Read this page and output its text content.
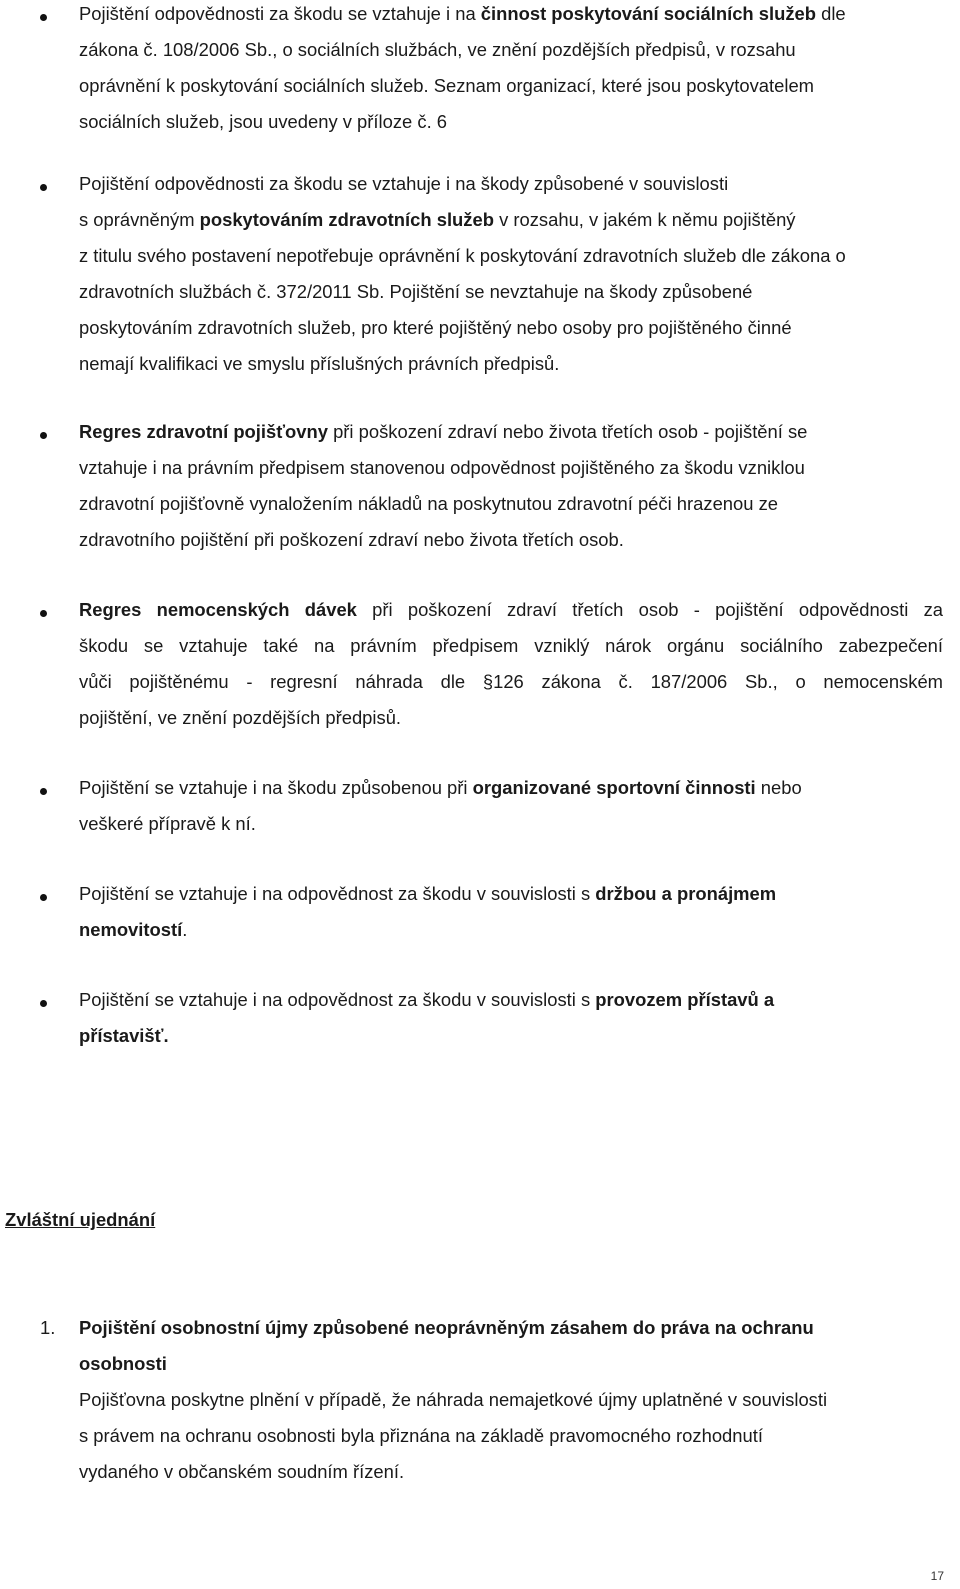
Pojištění odpovědnosti za škodu se vztahuje i na činnost poskytování sociálních služeb dle
zákona č. 108/2006 Sb., o sociálních službách, ve znění pozdějších předpisů, v rozsahu
oprávnění k poskytování sociálních služeb. Seznam organizací, které jsou poskytovatelem
sociálních služeb, jsou uvedeny v příloze č. 6
Pojištění odpovědnosti za škodu se vztahuje i na škody způsobené v souvislosti
s oprávněným poskytováním zdravotních služeb v rozsahu, v jakém k němu pojištěný
z titulu svého postavení nepotřebuje oprávnění k poskytování zdravotních služeb dle zákona o
zdravotních službách č. 372/2011 Sb. Pojištění se nevztahuje na škody způsobené
poskytováním zdravotních služeb, pro které pojištěný nebo osoby pro pojištěného činné
nemají kvalifikaci ve smyslu příslušných právních předpisů.
Regres zdravotní pojišťovny při poškození zdraví nebo života třetích osob - pojištění se
vztahuje i na právním předpisem stanovenou odpovědnost pojištěného za škodu vzniklou
zdravotní pojišťovně vynaložením nákladů na poskytnutou zdravotní péči hrazenou ze
zdravotního pojištění při poškození zdraví nebo života třetích osob.
Regres nemocenských dávek při poškození zdraví třetích osob - pojištění odpovědnosti za
škodu se vztahuje také na právním předpisem vzniklý nárok orgánu sociálního zabezpečení
vůči pojištěnému - regresní náhrada dle §126 zákona č. 187/2006 Sb., o nemocenském
pojištění, ve znění pozdějších předpisů.
Pojištění se vztahuje i na škodu způsobenou při organizované sportovní činnosti nebo
veškeré přípravě k ní.
Pojištění se vztahuje i na odpovědnost za škodu v souvislosti s držbou a pronájmem
nemovitostí.
Pojištění se vztahuje i na odpovědnost za škodu v souvislosti s provozem přístavů a
přístavišť.
Zvláštní ujednání
1. Pojištění osobnostní újmy způsobené neoprávněným zásahem do práva na ochranu
osobnosti
Pojišťovna poskytne plnění v případě, že náhrada nemajetkové újmy uplatněné v souvislosti
s právem na ochranu osobnosti byla přiznána na základě pravomocného rozhodnutí
vydaného v občanském soudním řízení.
17
